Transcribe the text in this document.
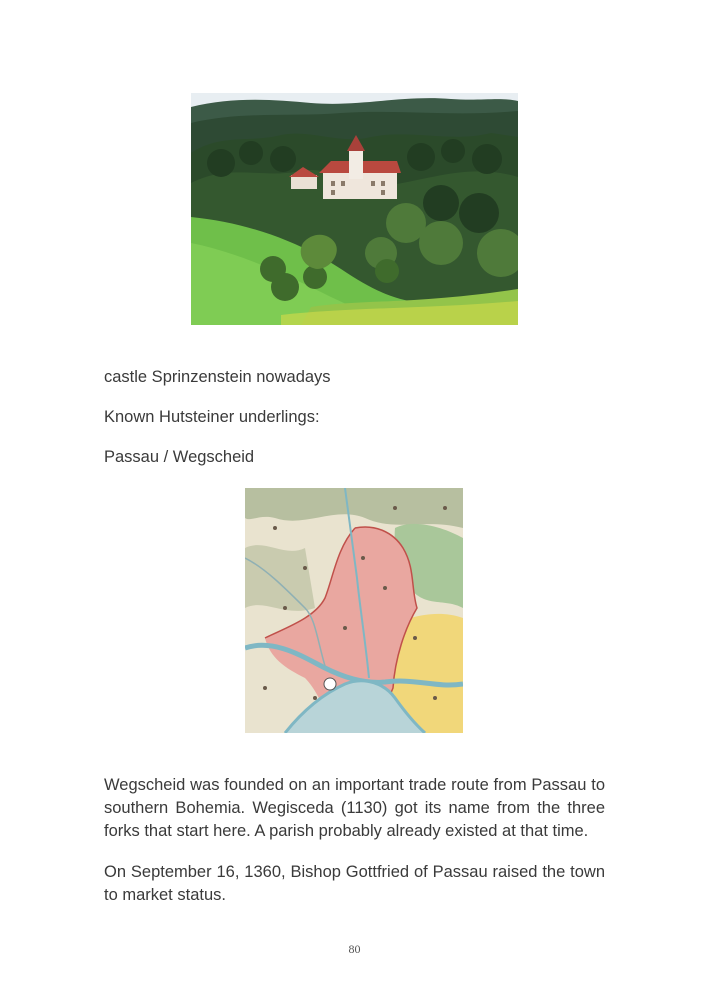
castle Sprinzenstein nowadays

Known Hutsteiner underlings:

Passau / Wegscheid

Wegscheid was founded on an important trade route from Passau to southern Bohemia. Wegisceda (1130) got its name from the three forks that start here. A parish probably already existed at that time.

On September 16, 1360, Bishop Gottfried of Passau raised the town to market status.

80
